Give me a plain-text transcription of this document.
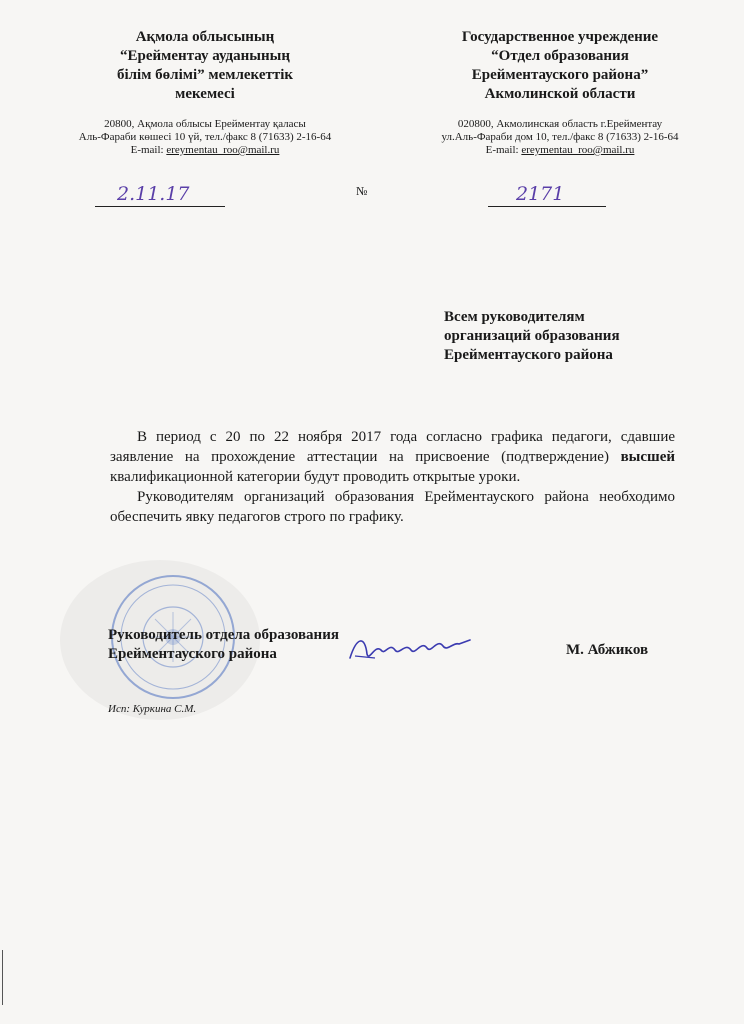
Ақмола облысының
“Ерейментау ауданының
білім бөлімі” мемлекеттік
мекемесі
20800, Ақмола облысы Ерейментау қаласы
Аль-Фараби көшесі 10 үй, тел./факс 8 (71633) 2-16-64
E-mail: ereymentau_roo@mail.ru
Государственное учреждение
“Отдел образования
Ерейментауского района”
Акмолинской области
020800, Акмолинская область г.Ерейментау
ул.Аль-Фараби дом 10, тел./факс 8 (71633) 2-16-64
E-mail: ereymentau_roo@mail.ru
2.11.17	№	2171
Всем руководителям
организаций образования
Ерейментауского района

В период с 20 по 22 ноября 2017 года согласно графика педагоги, сдавшие заявление на прохождение аттестации на присвоение (подтверждение) высшей квалификационной категории будут проводить открытые уроки.

Руководителям организаций образования Ерейментауского района необходимо обеспечить явку педагогов строго по графику.

Руководитель отдела образования
Ерейментауского района	М. Абжиков
Исп: Куркина С.М.
